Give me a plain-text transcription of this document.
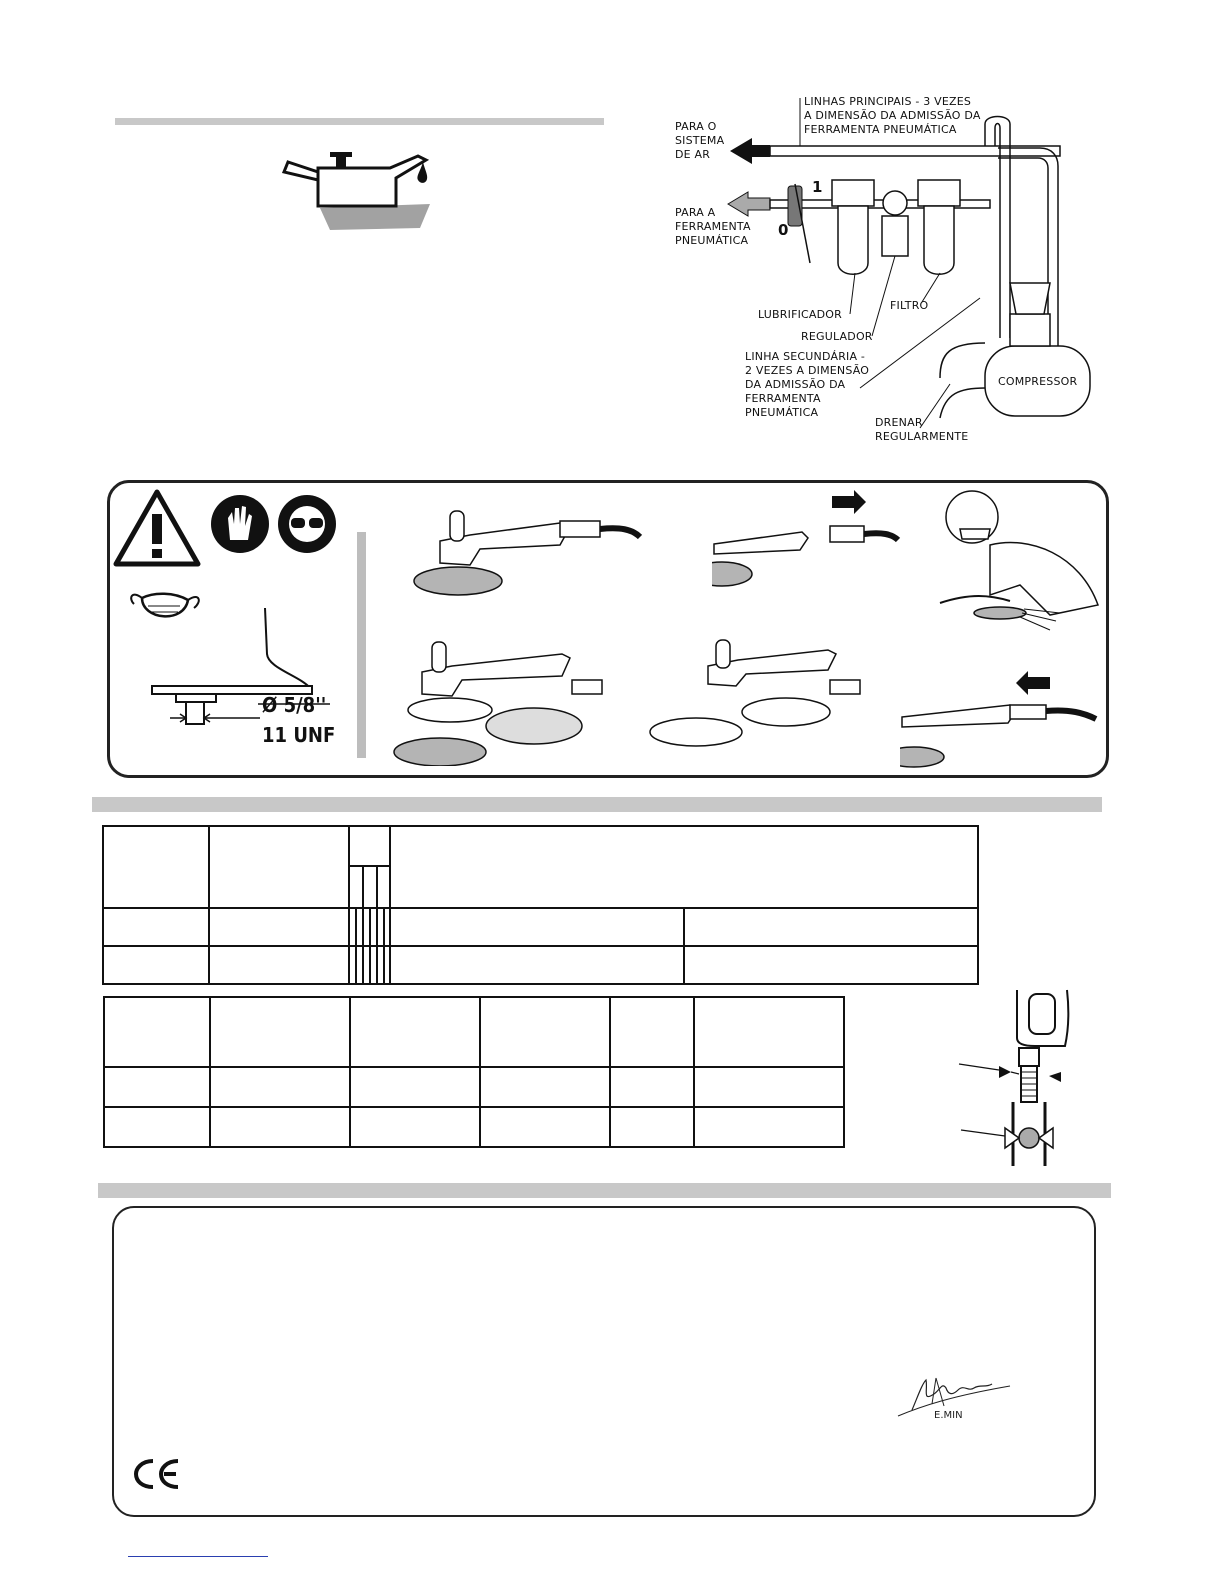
LINHAS PRINCIPAIS - 3 VEZES
A DIMENSÃO DA ADMISSÃO DA
FERRAMENTA PNEUMÁTICA
PARA O
SISTEMA
DE AR
PARA A
FERRAMENTA
PNEUMÁTICA
1
0
LUBRIFICADOR
FILTRO
REGULADOR
LINHA SECUNDÁRIA -
2 VEZES A DIMENSÃO
DA ADMISSÃO DA
FERRAMENTA
PNEUMÁTICA
COMPRESSOR
DRENAR
REGULARMENTE
Ø 5/8''
11 UNF

E.MIN
